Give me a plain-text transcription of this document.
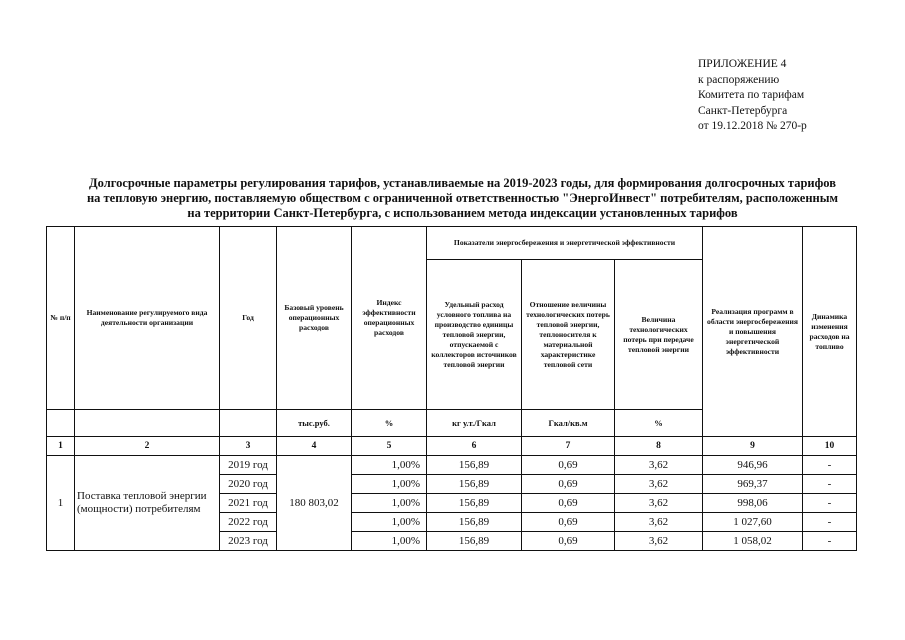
ПРИЛОЖЕНИЕ 4
к распоряжению
Комитета по тарифам
Санкт-Петербурга
от 19.12.2018 № 270-р
Долгосрочные параметры регулирования тарифов, устанавливаемые на 2019-2023 годы, для формирования долгосрочных тарифов
на тепловую энергию, поставляемую обществом с ограниченной ответственностью "ЭнергоИнвест" потребителям, расположенным
на территории Санкт-Петербурга, с использованием метода индексации установленных тарифов
№ п/п	Наименование регулируемого вида деятельности организации	Год	Базовый уровень операционных расходов	Индекс эффективности операционных расходов	Показатели энергосбережения и энергетической эффективности			Реализация программ в области энергосбережения и повышения энергетической эффективности	Динамика изменения расходов на топливо
					Удельный расход условного топлива на производство единицы тепловой энергии, отпускаемой с коллекторов источников тепловой энергии	Отношение величины технологических потерь тепловой энергии, теплоносителя к материальной характеристике тепловой сети	Величина технологических потерь при передаче тепловой энергии		
			тыс.руб.	%	кг у.т./Гкал	Гкал/кв.м	%		
1	2	3	4	5	6	7	8	9	10
1	Поставка тепловой энергии (мощности) потребителям	2019 год	180 803,02	1,00%	156,89	0,69	3,62	946,96	-
		2020 год		1,00%	156,89	0,69	3,62	969,37	-
		2021 год		1,00%	156,89	0,69	3,62	998,06	-
		2022 год		1,00%	156,89	0,69	3,62	1 027,60	-
		2023 год		1,00%	156,89	0,69	3,62	1 058,02	-
